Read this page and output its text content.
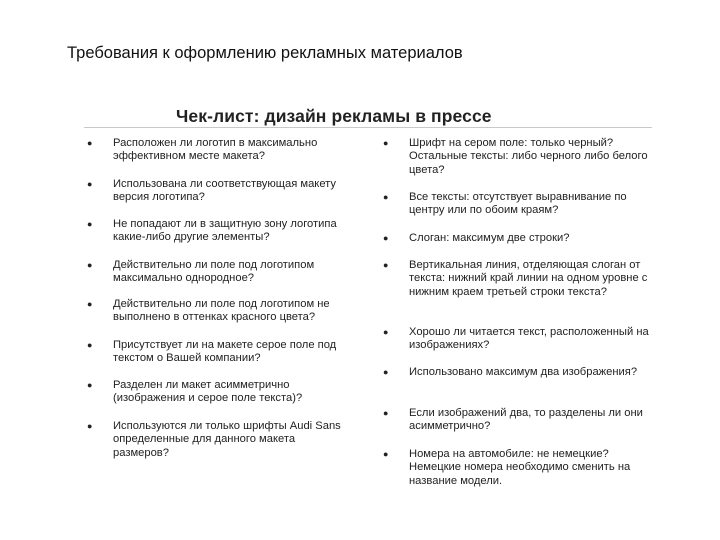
Требования к оформлению рекламных материалов
Чек-лист: дизайн рекламы в прессе
●	Расположен ли логотип в максимально эффективном месте макета?
●	Использована ли соответствующая макету версия логотипа?
●	Не попадают ли в защитную зону логотипа какие-либо другие элементы?
●	Действительно ли поле под логотипом максимально однородное?
●	Действительно ли поле под логотипом не выполнено в оттенках красного цвета?
●	Присутствует ли на макете серое поле под текстом о Вашей компании?
●	Разделен ли макет асимметрично (изображения и серое поле текста)?
●	Используются ли только шрифты Audi Sans определенные для данного макета размеров?
●	Шрифт на сером поле: только черный? Остальные тексты: либо черного либо белого цвета?
●	Все тексты: отсутствует выравнивание по центру или по обоим краям?
●	Слоган: максимум две строки?
●	Вертикальная линия, отделяющая слоган от текста: нижний край линии на одном уровне с нижним краем третьей строки текста?
●	Хорошо ли читается текст, расположенный на изображениях?
●	Использовано максимум два изображения?
●	Если изображений два, то разделены ли они асимметрично?
●	Номера на автомобиле: не немецкие? Немецкие номера необходимо сменить на название модели.
